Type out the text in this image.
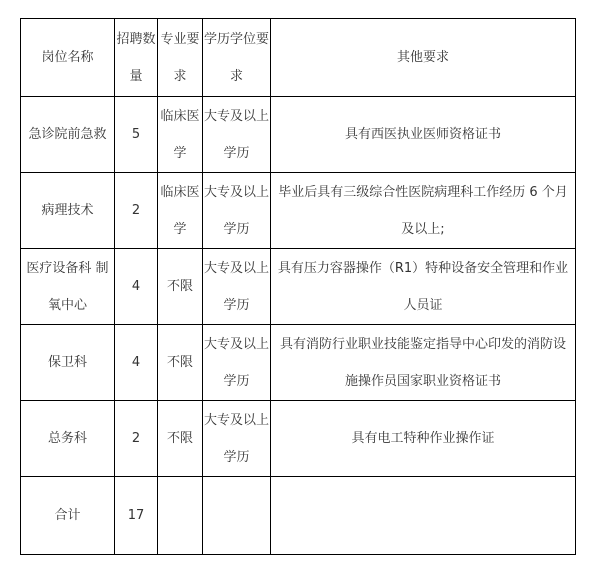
岗位名称	招聘数量	专业要求	学历学位要求	其他要求
急诊院前急救	5	临床医学	大专及以上学历	具有西医执业医师资格证书
病理技术	2	临床医学	大专及以上学历	毕业后具有三级综合性医院病理科工作经历 6 个月及以上;
医疗设备科 制氧中心	4	不限	大专及以上学历	具有压力容器操作（R1）特种设备安全管理和作业人员证
保卫科	4	不限	大专及以上学历	具有消防行业职业技能鉴定指导中心印发的消防设施操作员国家职业资格证书
总务科	2	不限	大专及以上学历	具有电工特种作业操作证
合计	17			
